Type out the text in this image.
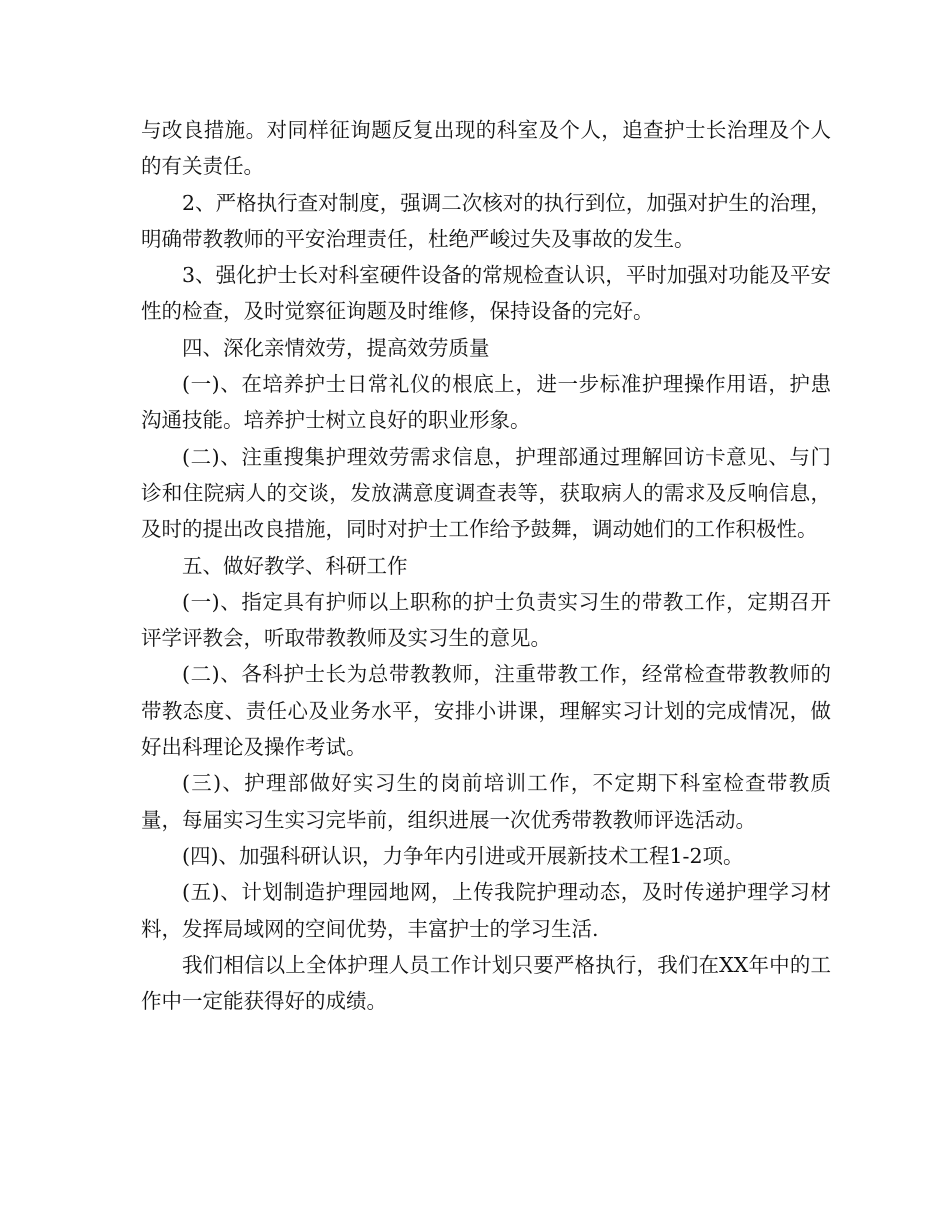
与改良措施。对同样征询题反复出现的科室及个人，追查护士长治理及个人的有关责任。

2、严格执行查对制度，强调二次核对的执行到位，加强对护生的治理，明确带教教师的平安治理责任，杜绝严峻过失及事故的发生。

3、强化护士长对科室硬件设备的常规检查认识，平时加强对功能及平安性的检查，及时觉察征询题及时维修，保持设备的完好。

四、深化亲情效劳，提高效劳质量

(一)、在培养护士日常礼仪的根底上，进一步标准护理操作用语，护患沟通技能。培养护士树立良好的职业形象。

(二)、注重搜集护理效劳需求信息，护理部通过理解回访卡意见、与门诊和住院病人的交谈，发放满意度调查表等，获取病人的需求及反响信息，及时的提出改良措施，同时对护士工作给予鼓舞，调动她们的工作积极性。

五、做好教学、科研工作

(一)、指定具有护师以上职称的护士负责实习生的带教工作，定期召开评学评教会，听取带教教师及实习生的意见。

(二)、各科护士长为总带教教师，注重带教工作，经常检查带教教师的带教态度、责任心及业务水平，安排小讲课，理解实习计划的完成情况，做好出科理论及操作考试。

(三)、护理部做好实习生的岗前培训工作，不定期下科室检查带教质量，每届实习生实习完毕前，组织进展一次优秀带教教师评选活动。

(四)、加强科研认识，力争年内引进或开展新技术工程1-2项。

(五)、计划制造护理园地网，上传我院护理动态，及时传递护理学习材料，发挥局域网的空间优势，丰富护士的学习生活.

我们相信以上全体护理人员工作计划只要严格执行，我们在XX年中的工作中一定能获得好的成绩。
